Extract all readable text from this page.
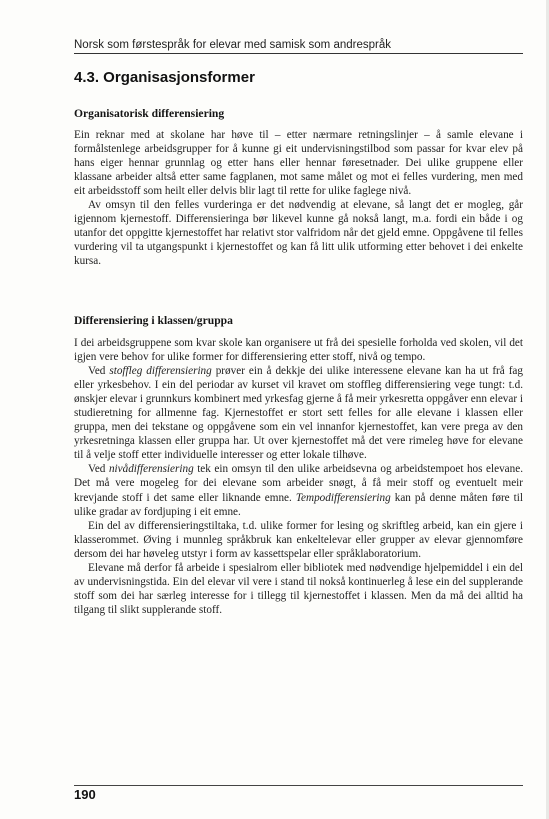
Norsk som førstespråk for elevar med samisk som andrespråk
4.3. Organisasjonsformer

Organisatorisk differensiering

Ein reknar med at skolane har høve til – etter nærmare retningslinjer – å samle elevane i formålstenlege arbeidsgrupper for å kunne gi eit undervisningstilbod som passar for kvar elev på hans eiger hennar grunnlag og etter hans eller hennar føresetnader. Dei ulike gruppene eller klassane arbeider altså etter same fagplanen, mot same målet og mot ei felles vurdering, men med eit arbeidsstoff som heilt eller delvis blir lagt til rette for ulike faglege nivå.

Av omsyn til den felles vurderinga er det nødvendig at elevane, så langt det er mogleg, går igjennom kjernestoff. Differensieringa bør likevel kunne gå nokså langt, m.a. fordi ein både i og utanfor det oppgitte kjernestoffet har relativt stor valfridom når det gjeld emne. Oppgåvene til felles vurdering vil ta utgangspunkt i kjernestoffet og kan få litt ulik utforming etter behovet i dei enkelte kursa.

Differensiering i klassen/gruppa

I dei arbeidsgruppene som kvar skole kan organisere ut frå dei spesielle forholda ved skolen, vil det igjen vere behov for ulike former for differensiering etter stoff, nivå og tempo.

Ved stoffleg differensiering prøver ein å dekkje dei ulike interessene elevane kan ha ut frå fag eller yrkesbehov. I ein del periodar av kurset vil kravet om stoffleg differensiering vege tungt: t.d. ønskjer elevar i grunnkurs kombinert med yrkesfag gjerne å få meir yrkesretta oppgåver enn elevar i studieretning for allmenne fag. Kjernestoffet er stort sett felles for alle elevane i klassen eller gruppa, men dei tekstane og oppgåvene som ein vel innanfor kjernestoffet, kan vere prega av den yrkesretninga klassen eller gruppa har. Ut over kjernestoffet må det vere rimeleg høve for elevane til å velje stoff etter individuelle interesser og etter lokale tilhøve.

Ved nivådifferensiering tek ein omsyn til den ulike arbeidsevna og arbeidstempoet hos elevane. Det må vere mogeleg for dei elevane som arbeider snøgt, å få meir stoff og eventuelt meir krevjande stoff i det same eller liknande emne. Tempodifferensiering kan på denne måten føre til ulike gradar av fordjuping i eit emne.

Ein del av differensieringstiltaka, t.d. ulike former for lesing og skriftleg arbeid, kan ein gjere i klasserommet. Øving i munnleg språkbruk kan enkeltelevar eller grupper av elevar gjennomføre dersom dei har høveleg utstyr i form av kassettspelar eller språklaboratorium.

Elevane må derfor få arbeide i spesialrom eller bibliotek med nødvendige hjelpemiddel i ein del av undervisningstida. Ein del elevar vil vere i stand til nokså kontinuerleg å lese ein del supplerande stoff som dei har særleg interesse for i tillegg til kjernestoffet i klassen. Men da må dei alltid ha tilgang til slikt supplerande stoff.

190
